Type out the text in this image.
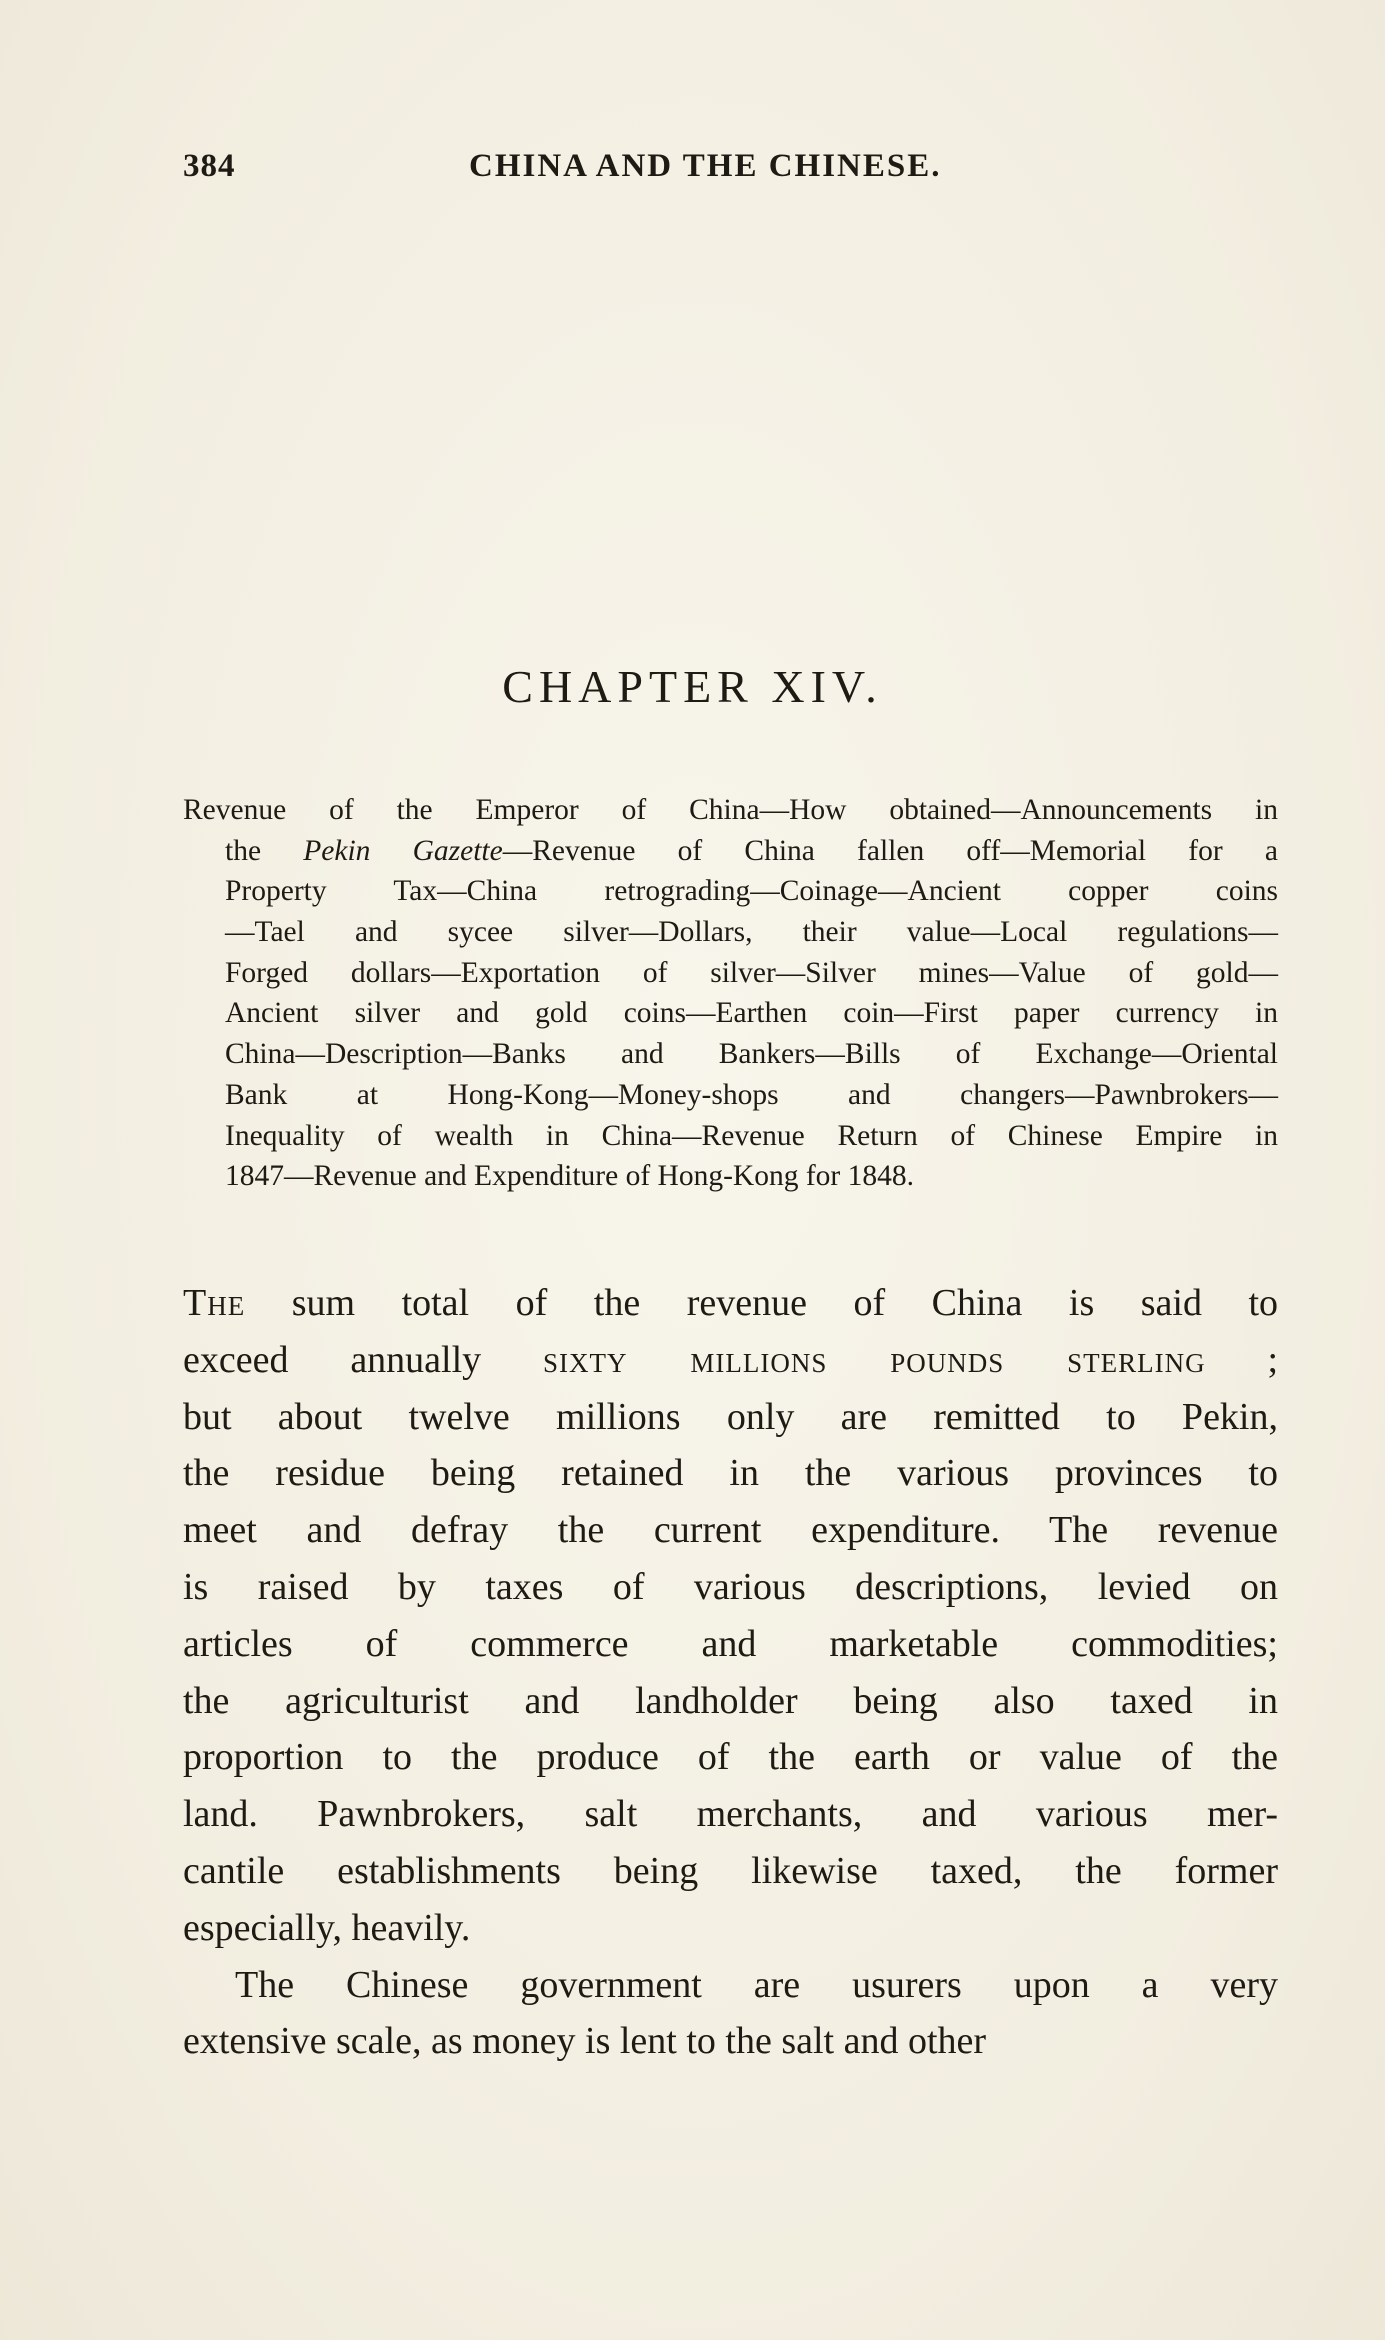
384	CHINA AND THE CHINESE.
CHAPTER XIV.
Revenue of the Emperor of China—How obtained—Announcements in
the Pekin Gazette—Revenue of China fallen off—Memorial for a
Property Tax—China retrograding—Coinage—Ancient copper coins
—Tael and sycee silver—Dollars, their value—Local regulations—
Forged dollars—Exportation of silver—Silver mines—Value of gold—
Ancient silver and gold coins—Earthen coin—First paper currency in
China—Description—Banks and Bankers—Bills of Exchange—Oriental
Bank at Hong-Kong—Money-shops and changers—Pawnbrokers—
Inequality of wealth in China—Revenue Return of Chinese Empire in
1847—Revenue and Expenditure of Hong-Kong for 1848.
The sum total of the revenue of China is said to
exceed annually sixty millions pounds sterling ;
but about twelve millions only are remitted to Pekin,
the residue being retained in the various provinces to
meet and defray the current expenditure. The revenue
is raised by taxes of various descriptions, levied on
articles of commerce and marketable commodities;
the agriculturist and landholder being also taxed in
proportion to the produce of the earth or value of the
land. Pawnbrokers, salt merchants, and various mer-
cantile establishments being likewise taxed, the former
especially, heavily.
The Chinese government are usurers upon a very
extensive scale, as money is lent to the salt and other
